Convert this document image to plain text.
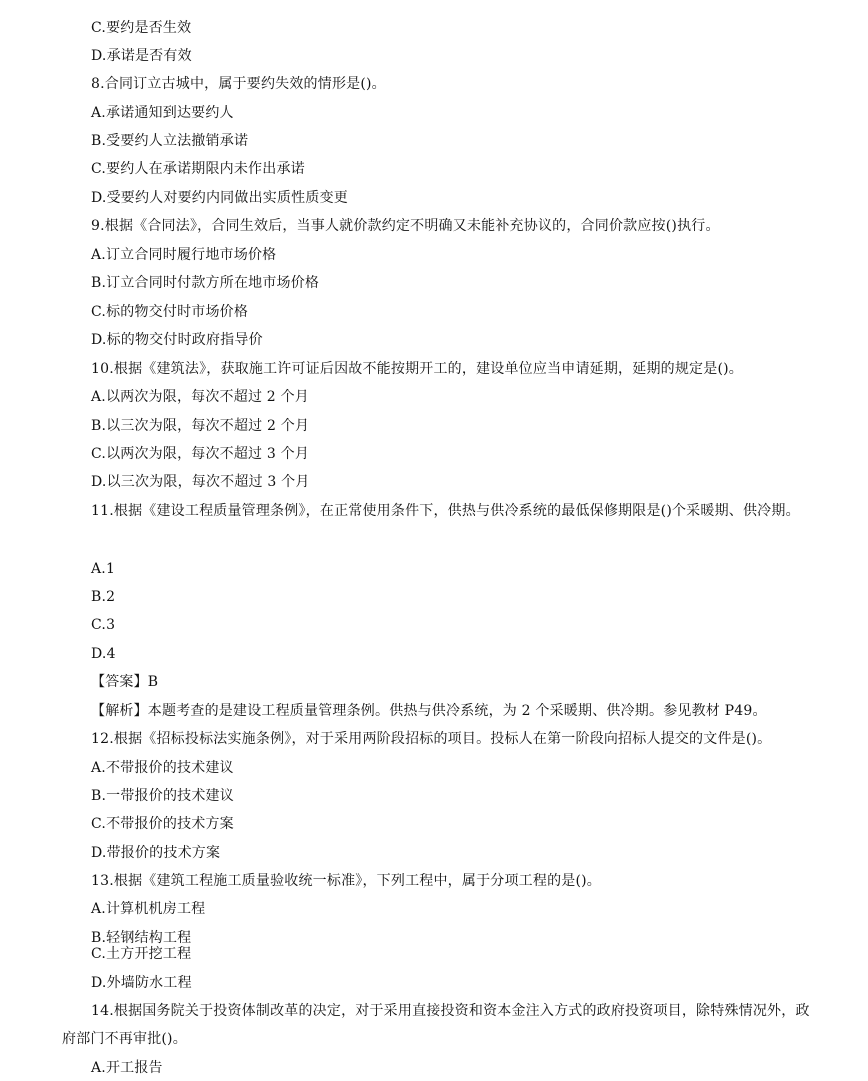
C.要约是否生效
D.承诺是否有效
8.合同订立古城中，属于要约失效的情形是()。
A.承诺通知到达要约人
B.受要约人立法撤销承诺
C.要约人在承诺期限内未作出承诺
D.受要约人对要约内同做出实质性质变更
9.根据《合同法》，合同生效后，当事人就价款约定不明确又未能补充协议的，合同价款应按()执行。
A.订立合同时履行地市场价格
B.订立合同时付款方所在地市场价格
C.标的物交付时市场价格
D.标的物交付时政府指导价
10.根据《建筑法》，获取施工许可证后因故不能按期开工的，建设单位应当申请延期，延期的规定是()。
A.以两次为限，每次不超过 2 个月
B.以三次为限，每次不超过 2 个月
C.以两次为限，每次不超过 3 个月
D.以三次为限，每次不超过 3 个月
11.根据《建设工程质量管理条例》，在正常使用条件下，供热与供冷系统的最低保修期限是()个采暖期、供冷期。
A.1
B.2
C.3
D.4
【答案】B
【解析】本题考查的是建设工程质量管理条例。供热与供冷系统，为 2 个采暖期、供冷期。参见教材 P49。
12.根据《招标投标法实施条例》，对于采用两阶段招标的项目。投标人在第一阶段向招标人提交的文件是()。
A.不带报价的技术建议
B.一带报价的技术建议
C.不带报价的技术方案
D.带报价的技术方案
13.根据《建筑工程施工质量验收统一标准》，下列工程中，属于分项工程的是()。
A.计算机机房工程
B.轻钢结构工程
C.土方开挖工程
D.外墙防水工程
14.根据国务院关于投资体制改革的决定，对于采用直接投资和资本金注入方式的政府投资项目，除特殊情况外，政府部门不再审批()。
A.开工报告
